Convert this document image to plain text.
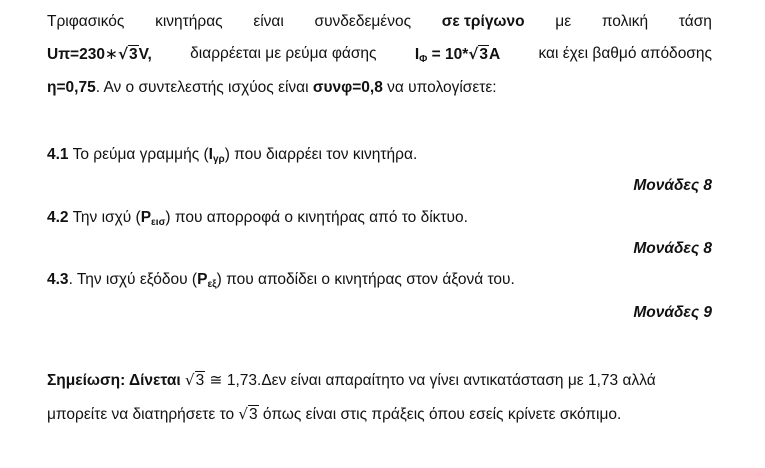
Τριφασικός κινητήρας είναι συνδεδεμένος σε τρίγωνο με πολική τάση
Uπ=230∗√3V, διαρρέεται με ρεύμα φάσης $I_\Phi = 10*√3A$ και έχει βαθμό απόδοσης
η=0,75. Αν ο συντελεστής ισχύος είναι συνφ=0,8 να υπολογίσετε:
4.1 Το ρεύμα γραμμής $(I_{\gamma\rho})$ που διαρρέει τον κινητήρα.
Μονάδες 8
4.2 Την ισχύ $(P_{\varepsilon\iota\sigma})$ που απορροφά ο κινητήρας από το δίκτυο.
Μονάδες 8
4.3. Την ισχύ εξόδου $(P_{\varepsilon\xi})$ που αποδίδει ο κινητήρας στον άξονά του.
Μονάδες 9
Σημείωση: Δίνεται √3 ≅ 1,73.Δεν είναι απαραίτητο να γίνει αντικατάσταση με 1,73 αλλά
μπορείτε να διατηρήσετε το √3 όπως είναι στις πράξεις όπου εσείς κρίνετε σκόπιμο.
